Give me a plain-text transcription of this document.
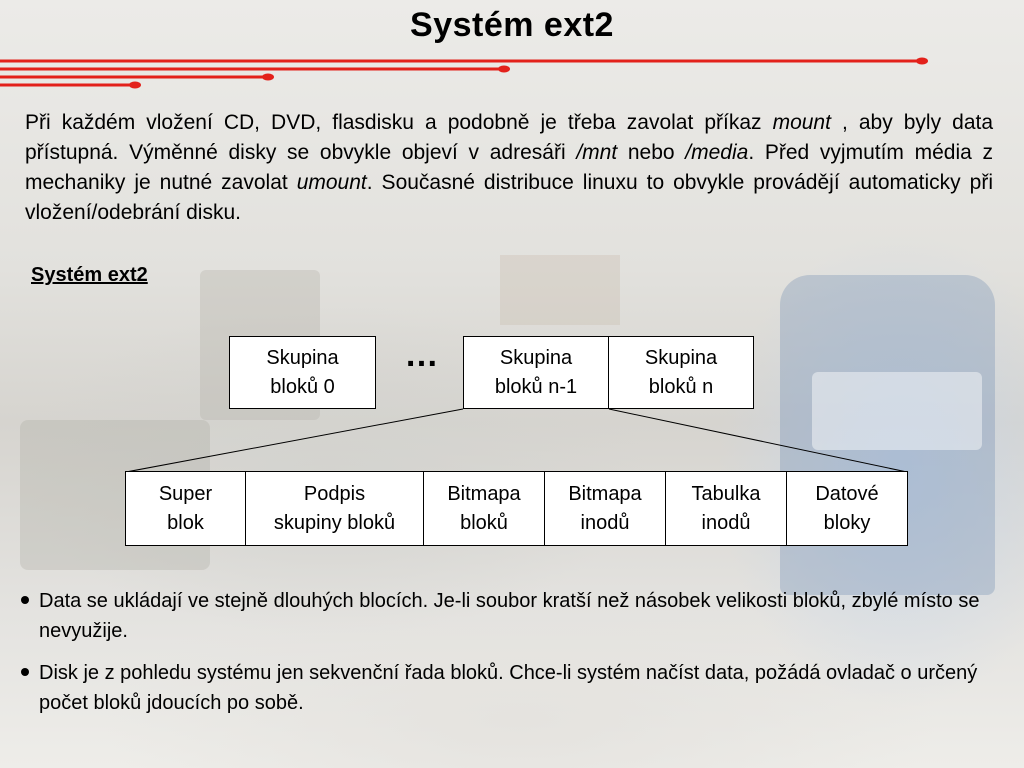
Systém ext2

Při každém vložení CD, DVD, flasdisku a podobně je třeba zavolat příkaz mount , aby byly data přístupná. Výměnné disky se obvykle objeví v adresáři /mnt nebo /media. Před vyjmutím média z mechaniky je nutné zavolat umount. Současné distribuce linuxu to obvykle provádějí automaticky při vložení/odebrání disku.

Systém ext2
Skupina
bloků 0
…	Skupina
bloků n-1
Skupina
bloků n
Super
blok
Podpis
skupiny bloků
Bitmapa
bloků
Bitmapa
inodů
Tabulka
inodů
Datové
bloky
Data se ukládají ve stejně dlouhých blocích. Je-li soubor kratší než násobek velikosti bloků, zbylé místo se nevyužije.
Disk je z pohledu systému jen sekvenční řada bloků. Chce-li systém načíst data, požádá ovladač o určený počet bloků jdoucích po sobě.
